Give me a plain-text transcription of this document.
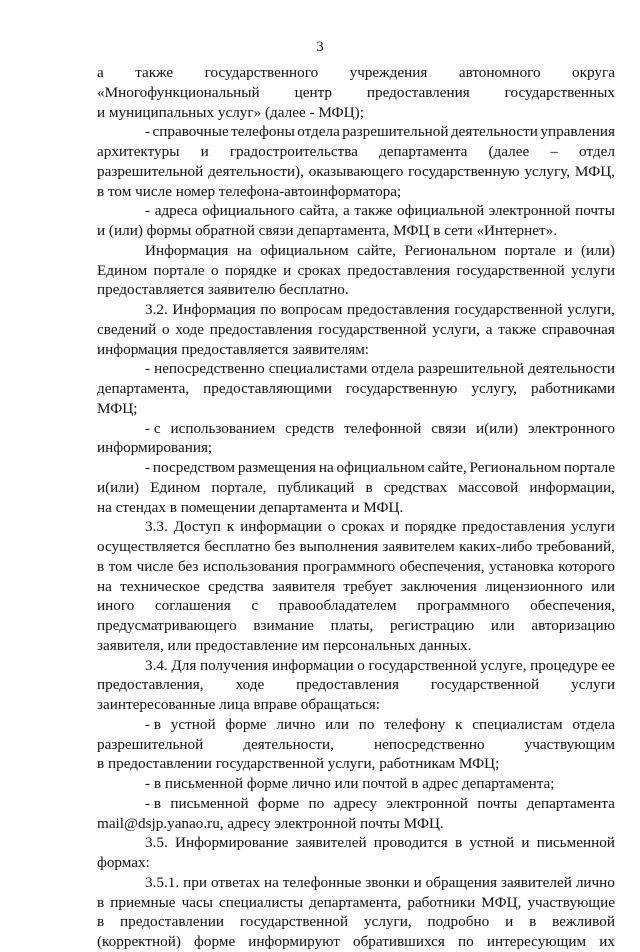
3
а также государственного учреждения автономного округа
«Многофункциональный центр предоставления государственных
и муниципальных услуг» (далее - МФЦ);
- справочные телефоны отдела разрешительной деятельности управления
архитектуры и градостроительства департамента (далее – отдел
разрешительной деятельности), оказывающего государственную услугу, МФЦ,
в том числе номер телефона-автоинформатора;
- адреса официального сайта, а также официальной электронной почты
и (или) формы обратной связи департамента, МФЦ в сети «Интернет».
Информация на официальном сайте, Региональном портале и (или)
Едином портале о порядке и сроках предоставления государственной услуги
предоставляется заявителю бесплатно.
3.2. Информация по вопросам предоставления государственной услуги,
сведений о ходе предоставления государственной услуги, а также справочная
информация предоставляется заявителям:
- непосредственно специалистами отдела разрешительной деятельности
департамента, предоставляющими государственную услугу, работниками
МФЦ;
- с использованием средств телефонной связи и(или) электронного
информирования;
- посредством размещения на официальном сайте, Региональном портале
и(или) Едином портале, публикаций в средствах массовой информации,
на стендах в помещении департамента и МФЦ.
3.3. Доступ к информации о сроках и порядке предоставления услуги
осуществляется бесплатно без выполнения заявителем каких-либо требований,
в том числе без использования программного обеспечения, установка которого
на техническое средства заявителя требует заключения лицензионного или
иного соглашения с правообладателем программного обеспечения,
предусматривающего взимание платы, регистрацию или авторизацию
заявителя, или предоставление им персональных данных.
3.4. Для получения информации о государственной услуге, процедуре ее
предоставления, ходе предоставления государственной услуги
заинтересованные лица вправе обращаться:
- в устной форме лично или по телефону к специалистам отдела
разрешительной	деятельности,	непосредственно	участвующим
в предоставлении государственной услуги, работникам МФЦ;
- в письменной форме лично или почтой в адрес департамента;
- в письменной форме по адресу электронной почты департамента
mail@dsjp.yanao.ru, адресу электронной почты МФЦ.
3.5. Информирование заявителей проводится в устной и письменной
формах:
3.5.1. при ответах на телефонные звонки и обращения заявителей лично
в приемные часы специалисты департамента, работники МФЦ, участвующие
в предоставлении государственной услуги, подробно и в вежливой
(корректной) форме информируют обратившихся по интересующим их
